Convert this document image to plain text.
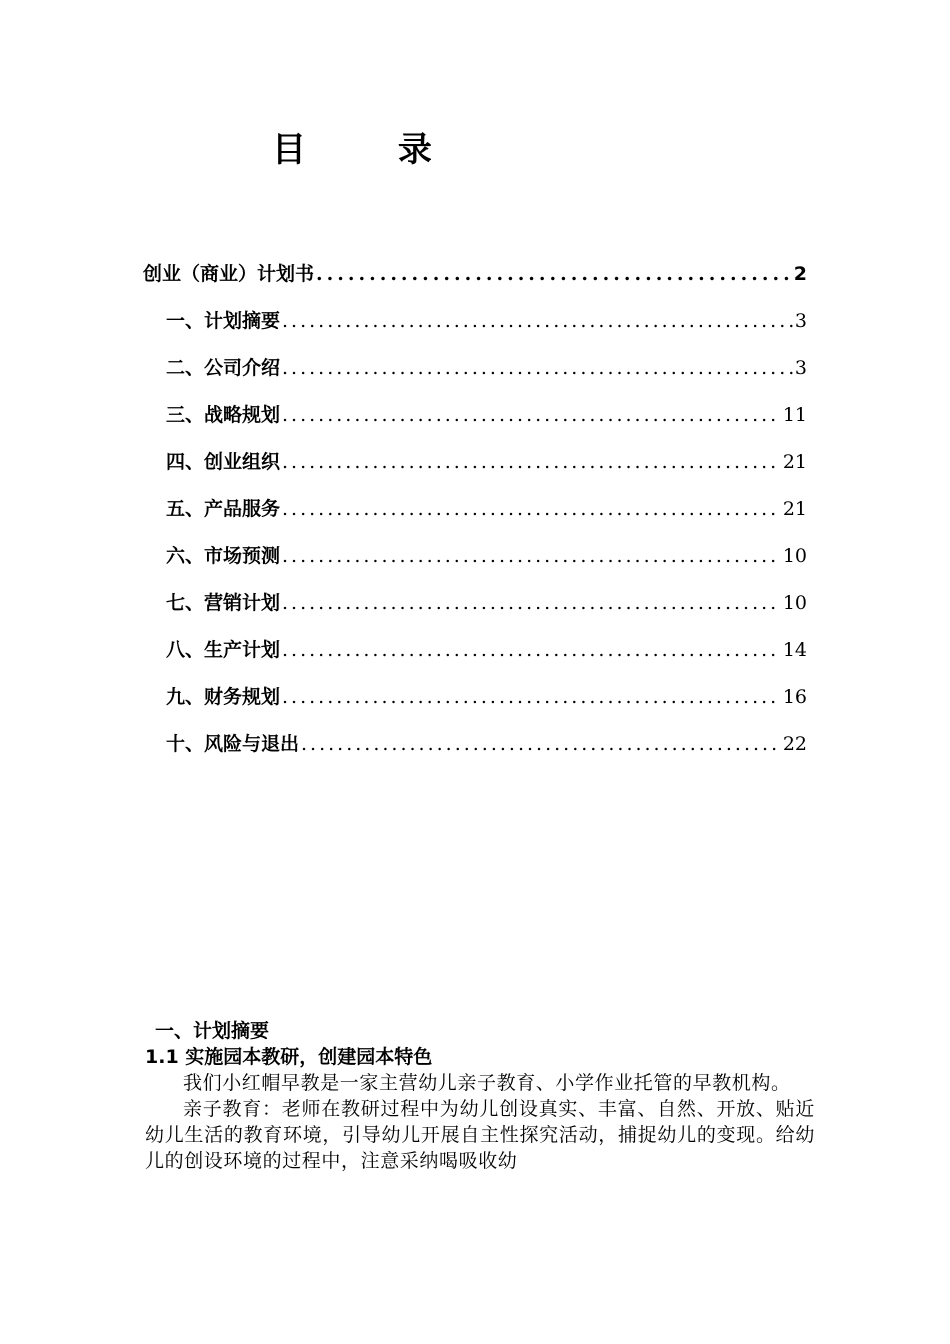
目 录
创业（商业）计划书 .....	2
一、计划摘要 .....	3
二、公司介绍 .....	3
三、战略规划 .....	11
四、创业组织 .....	21
五、产品服务 .....	21
六、市场预测 .....	10
七、营销计划 .....	10
八、生产计划 .....	14
九、财务规划 .....	16
十、风险与退出 .....	22

一、计划摘要

1.1 实施园本教研，创建园本特色

我们小红帽早教是一家主营幼儿亲子教育、小学作业托管的早教机构。

亲子教育：老师在教研过程中为幼儿创设真实、丰富、自然、开放、贴近幼儿生活的教育环境，引导幼儿开展自主性探究活动，捕捉幼儿的变现。给幼儿的创设环境的过程中，注意采纳喝吸收幼
